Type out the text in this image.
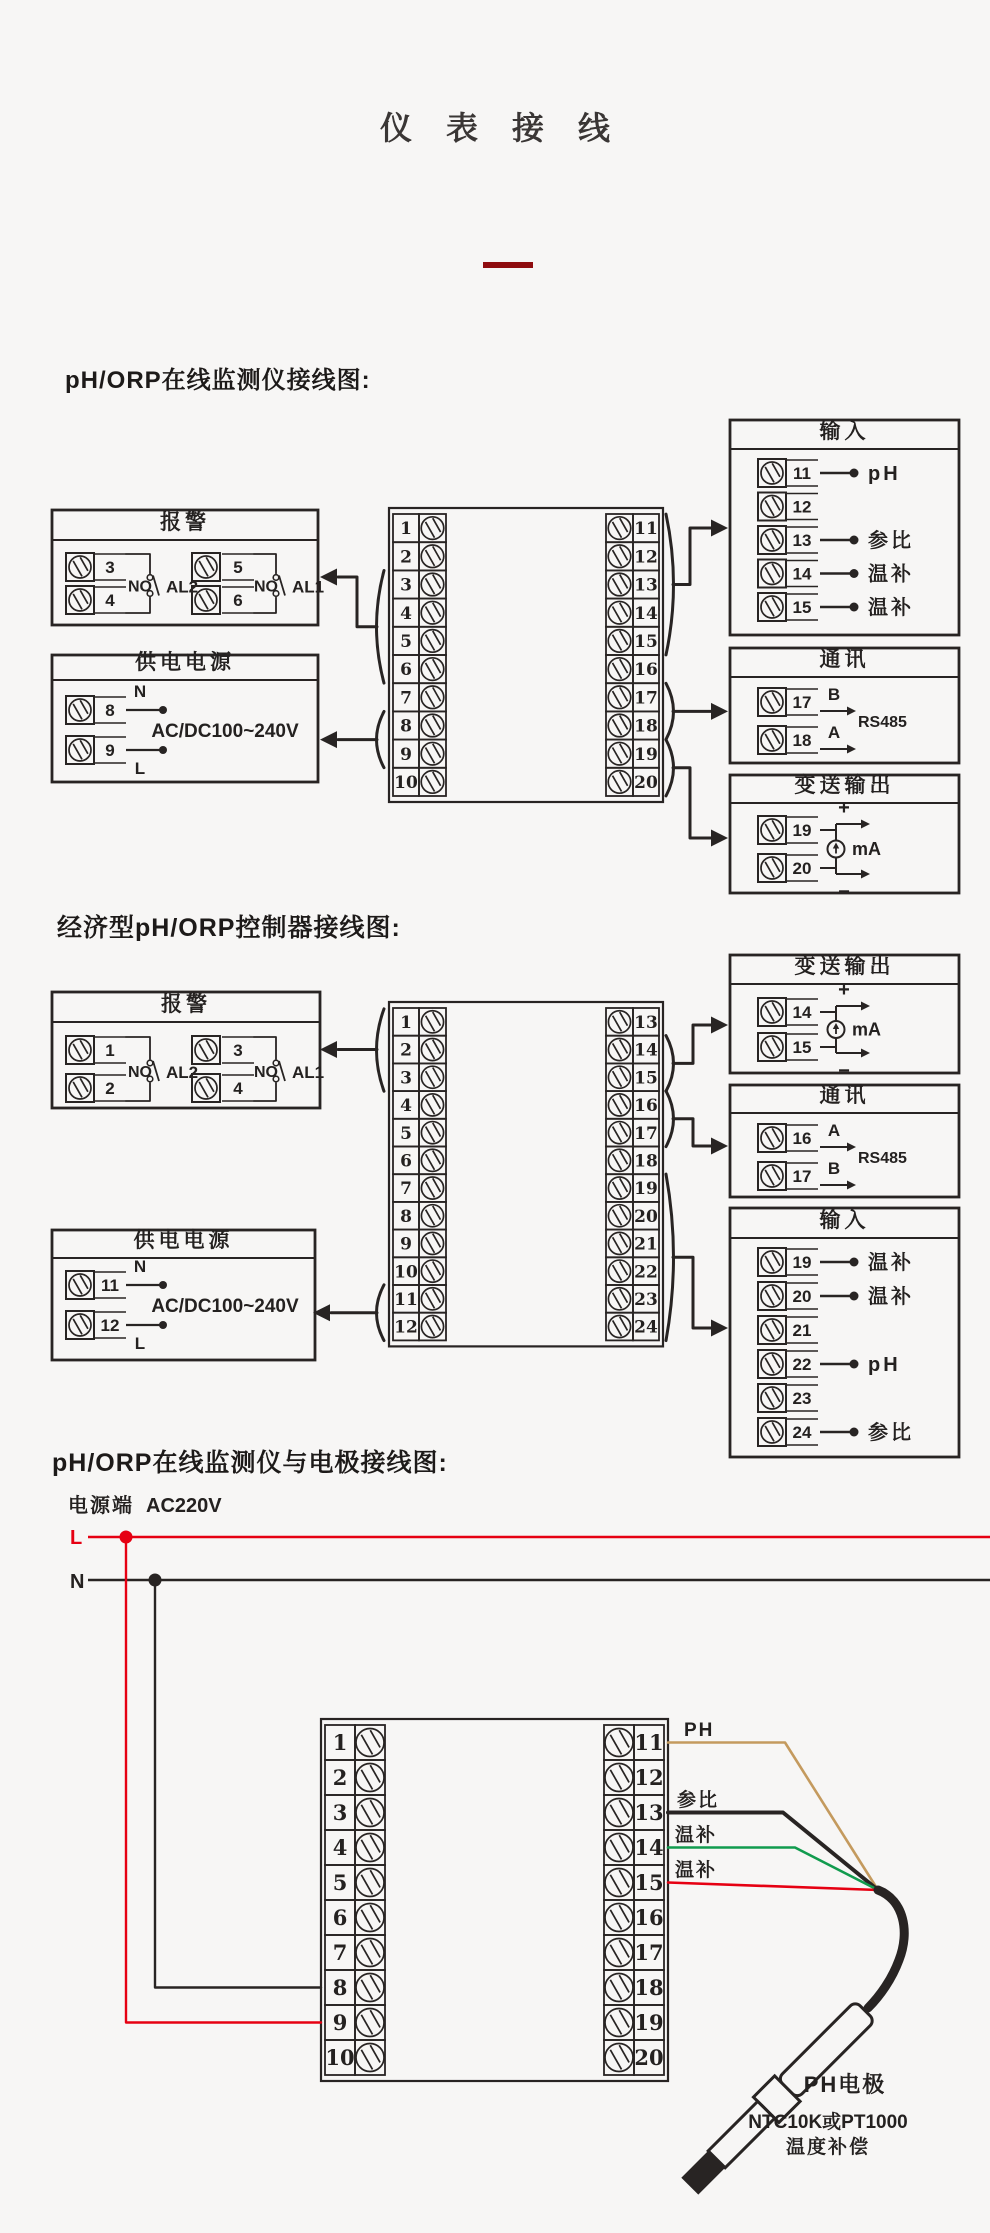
仪表接线
pH/ORP在线监测仪接线图:
经济型pH/ORP控制器接线图:
pH/ORP在线监测仪与电极接线图:
1	11
2	12
3	13
4	14
5	15
6	16
7	17
8	18
9	19
10	20
报警
3
4
NO AL2
5
6
NO AL1
供电电源
8
9
N
L
AC/DC100~240V
输入
11	pH
12
13	参比
14	温补
15	温补
通讯
17 B
18 A
RS485
变送输出
19
20
+
−
mA
1	13
2	14
3	15
4	16
5	17
6	18
7	19
8	20
9	21
10	22
11	23
12	24
报警
1
2
NO AL2
3
4
NO AL1
供电电源
11
12
N
L
AC/DC100~240V
变送输出
14
15
+
−
mA
通讯
16 A
17 B
RS485
输入
19	温补
20	温补
21
22	pH
23
24	参比
电源端 AC220V
L
N
1	11
2	12
3	13
4	14
5	15
6	16
7	17
8	18
9	19
10	20
PH
参比
温补
温补
PH电极
NTC10K或PT1000
温度补偿
